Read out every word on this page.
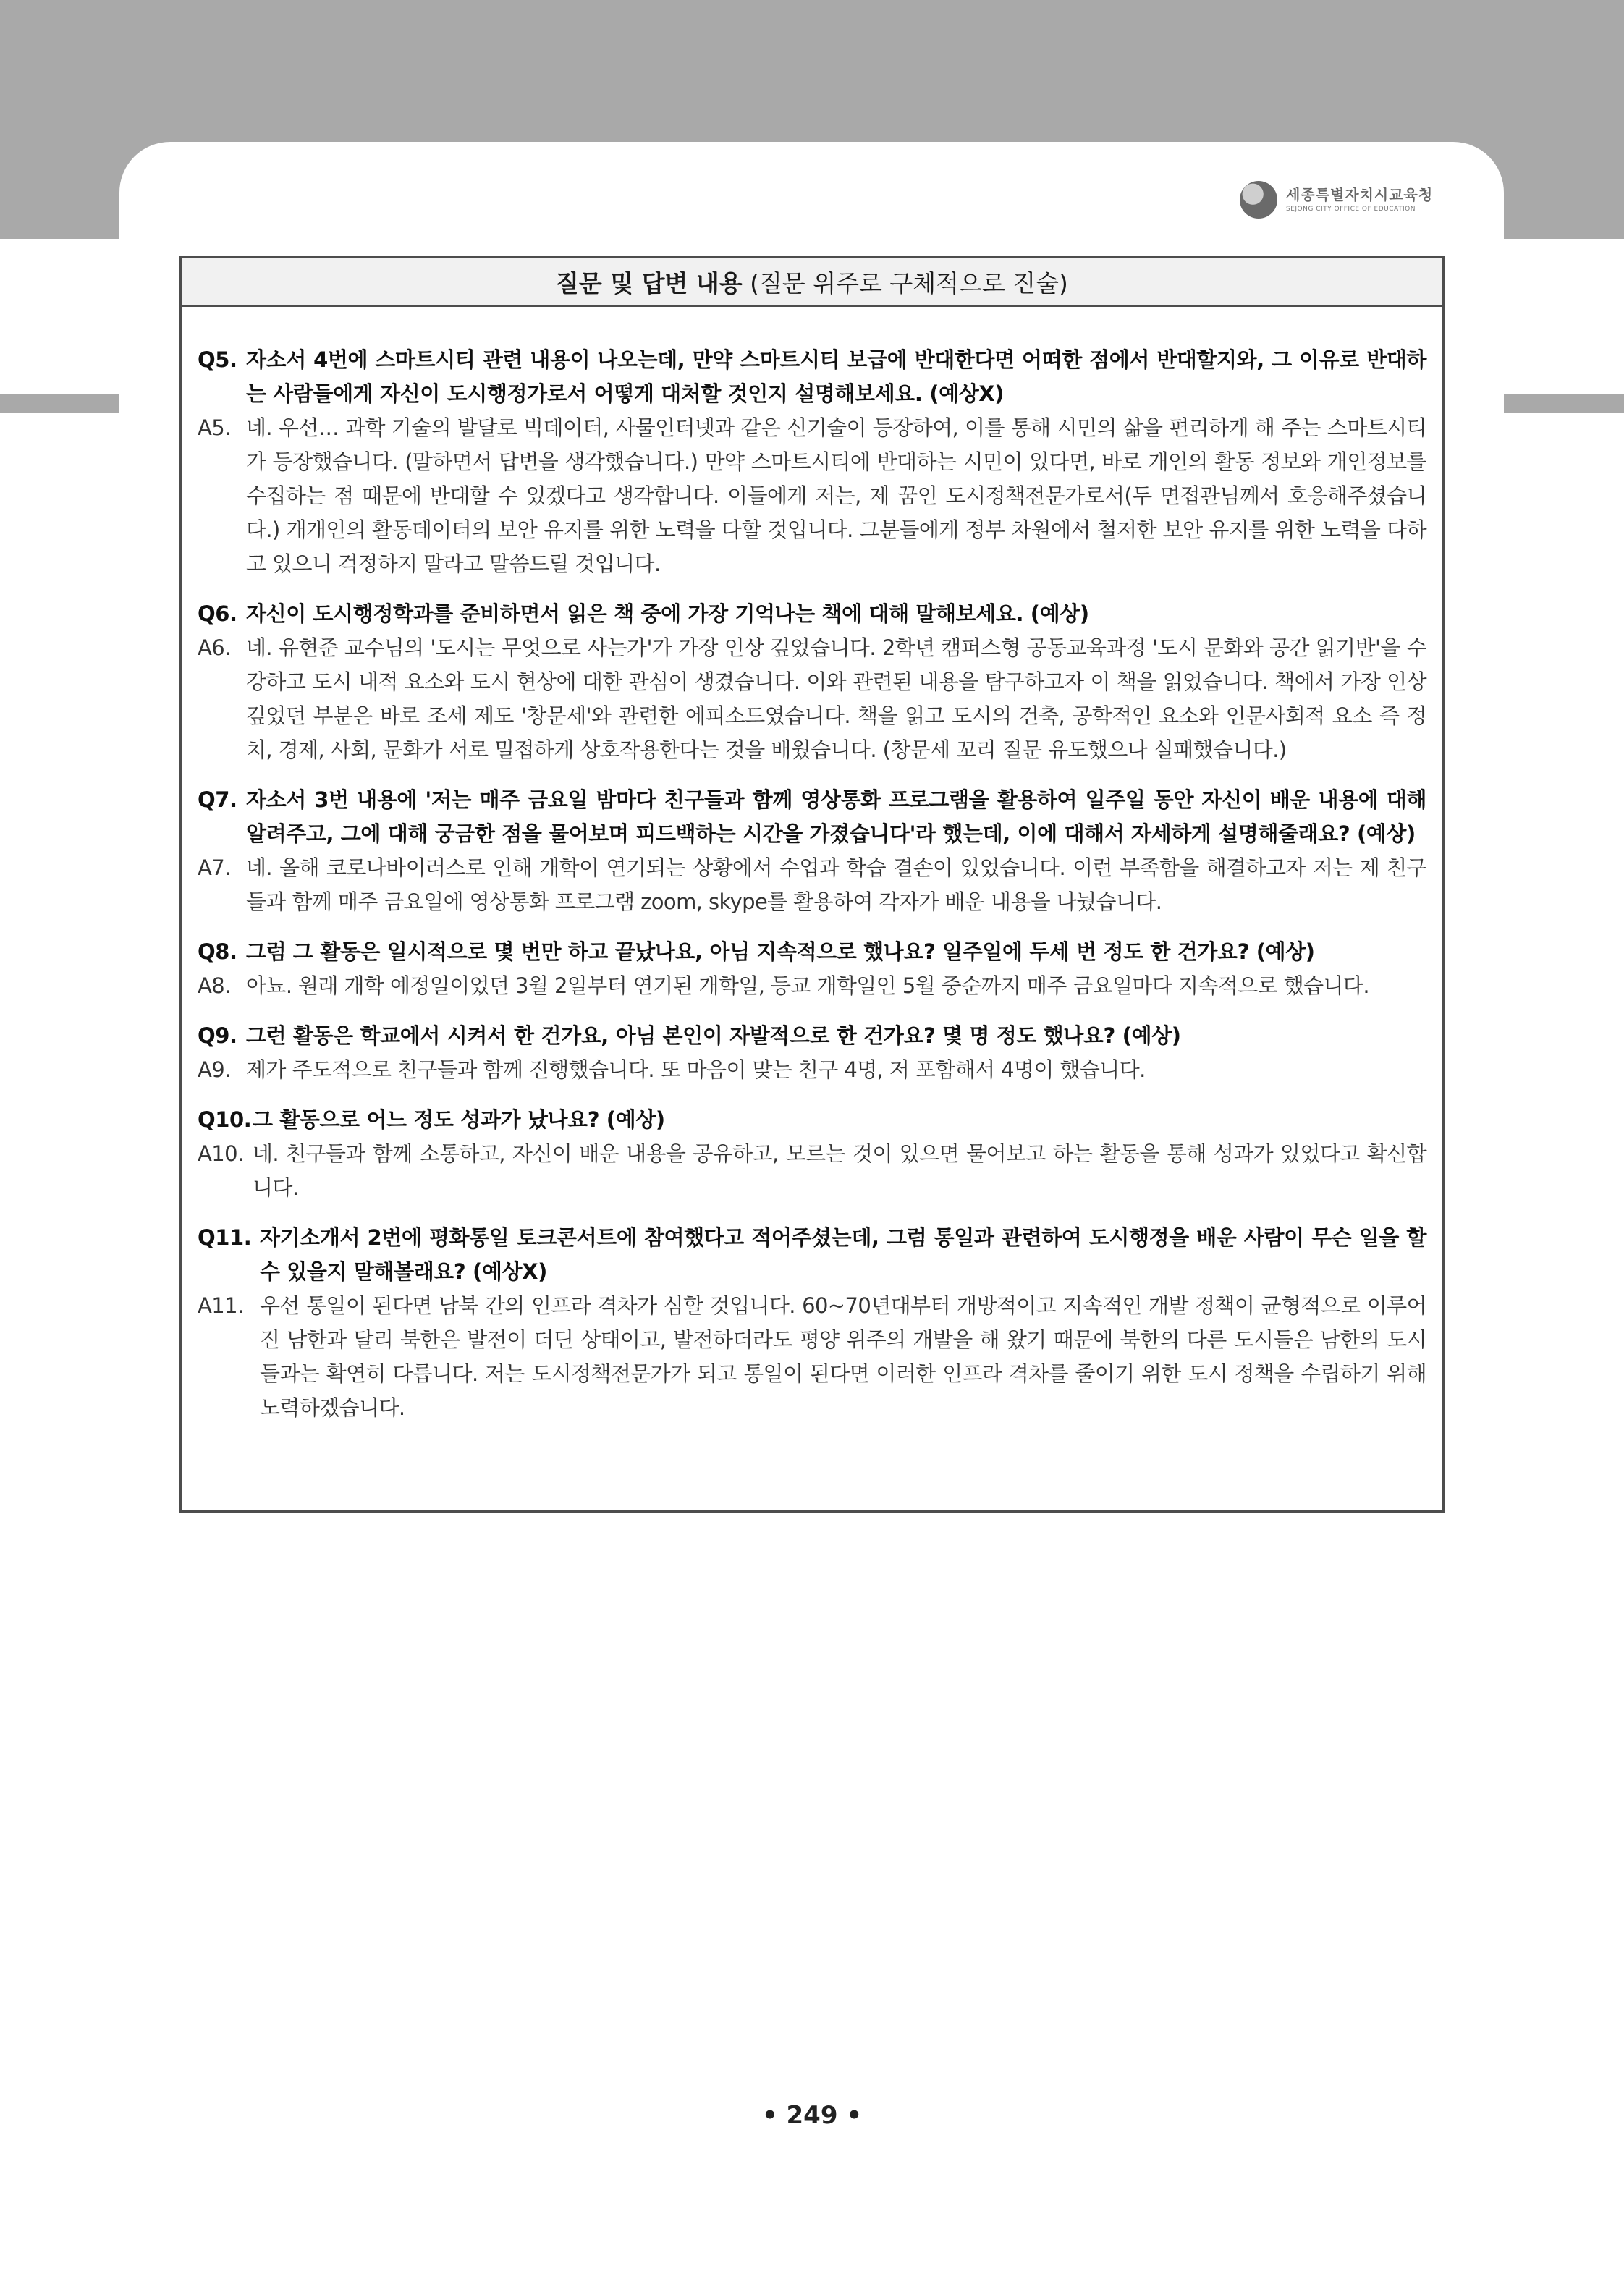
세종특별자치시교육청
SEJONG CITY OFFICE OF EDUCATION
질문 및 답변 내용
(질문 위주로 구체적으로 진술)
Q5. 자소서 4번에 스마트시티 관련 내용이 나오는데, 만약 스마트시티 보급에 반대한다면 어떠한 점에서 반대할지와, 그 이유로 반대하는 사람들에게 자신이 도시행정가로서 어떻게 대처할 것인지 설명해보세요. (예상X)
A5. 네. 우선… 과학 기술의 발달로 빅데이터, 사물인터넷과 같은 신기술이 등장하여, 이를 통해 시민의 삶을 편리하게 해 주는 스마트시티가 등장했습니다. (말하면서 답변을 생각했습니다.) 만약 스마트시티에 반대하는 시민이 있다면, 바로 개인의 활동 정보와 개인정보를 수집하는 점 때문에 반대할 수 있겠다고 생각합니다. 이들에게 저는, 제 꿈인 도시정책전문가로서(두 면접관님께서 호응해주셨습니다.) 개개인의 활동데이터의 보안 유지를 위한 노력을 다할 것입니다. 그분들에게 정부 차원에서 철저한 보안 유지를 위한 노력을 다하고 있으니 걱정하지 말라고 말씀드릴 것입니다.
Q6. 자신이 도시행정학과를 준비하면서 읽은 책 중에 가장 기억나는 책에 대해 말해보세요. (예상)
A6. 네. 유현준 교수님의 '도시는 무엇으로 사는가'가 가장 인상 깊었습니다. 2학년 캠퍼스형 공동교육과정 '도시 문화와 공간 읽기반'을 수강하고 도시 내적 요소와 도시 현상에 대한 관심이 생겼습니다. 이와 관련된 내용을 탐구하고자 이 책을 읽었습니다. 책에서 가장 인상 깊었던 부분은 바로 조세 제도 '창문세'와 관련한 에피소드였습니다. 책을 읽고 도시의 건축, 공학적인 요소와 인문사회적 요소 즉 정치, 경제, 사회, 문화가 서로 밀접하게 상호작용한다는 것을 배웠습니다. (창문세 꼬리 질문 유도했으나 실패했습니다.)
Q7. 자소서 3번 내용에 '저는 매주 금요일 밤마다 친구들과 함께 영상통화 프로그램을 활용하여 일주일 동안 자신이 배운 내용에 대해 알려주고, 그에 대해 궁금한 점을 물어보며 피드백하는 시간을 가졌습니다'라 했는데, 이에 대해서 자세하게 설명해줄래요? (예상)
A7. 네. 올해 코로나바이러스로 인해 개학이 연기되는 상황에서 수업과 학습 결손이 있었습니다. 이런 부족함을 해결하고자 저는 제 친구들과 함께 매주 금요일에 영상통화 프로그램 zoom, skype를 활용하여 각자가 배운 내용을 나눴습니다.
Q8. 그럼 그 활동은 일시적으로 몇 번만 하고 끝났나요, 아님 지속적으로 했나요? 일주일에 두세 번 정도 한 건가요? (예상)
A8. 아뇨. 원래 개학 예정일이었던 3월 2일부터 연기된 개학일, 등교 개학일인 5월 중순까지 매주 금요일마다 지속적으로 했습니다.
Q9. 그런 활동은 학교에서 시켜서 한 건가요, 아님 본인이 자발적으로 한 건가요? 몇 명 정도 했나요? (예상)
A9. 제가 주도적으로 친구들과 함께 진행했습니다. 또 마음이 맞는 친구 4명, 저 포함해서 4명이 했습니다.
Q10. 그 활동으로 어느 정도 성과가 났나요? (예상)
A10. 네. 친구들과 함께 소통하고, 자신이 배운 내용을 공유하고, 모르는 것이 있으면 물어보고 하는 활동을 통해 성과가 있었다고 확신합니다.
Q11. 자기소개서 2번에 평화통일 토크콘서트에 참여했다고 적어주셨는데, 그럼 통일과 관련하여 도시행정을 배운 사람이 무슨 일을 할 수 있을지 말해볼래요? (예상X)
A11. 우선 통일이 된다면 남북 간의 인프라 격차가 심할 것입니다. 60~70년대부터 개방적이고 지속적인 개발 정책이 균형적으로 이루어진 남한과 달리 북한은 발전이 더딘 상태이고, 발전하더라도 평양 위주의 개발을 해 왔기 때문에 북한의 다른 도시들은 남한의 도시들과는 확연히 다릅니다. 저는 도시정책전문가가 되고 통일이 된다면 이러한 인프라 격차를 줄이기 위한 도시 정책을 수립하기 위해 노력하겠습니다.
• 249 •
